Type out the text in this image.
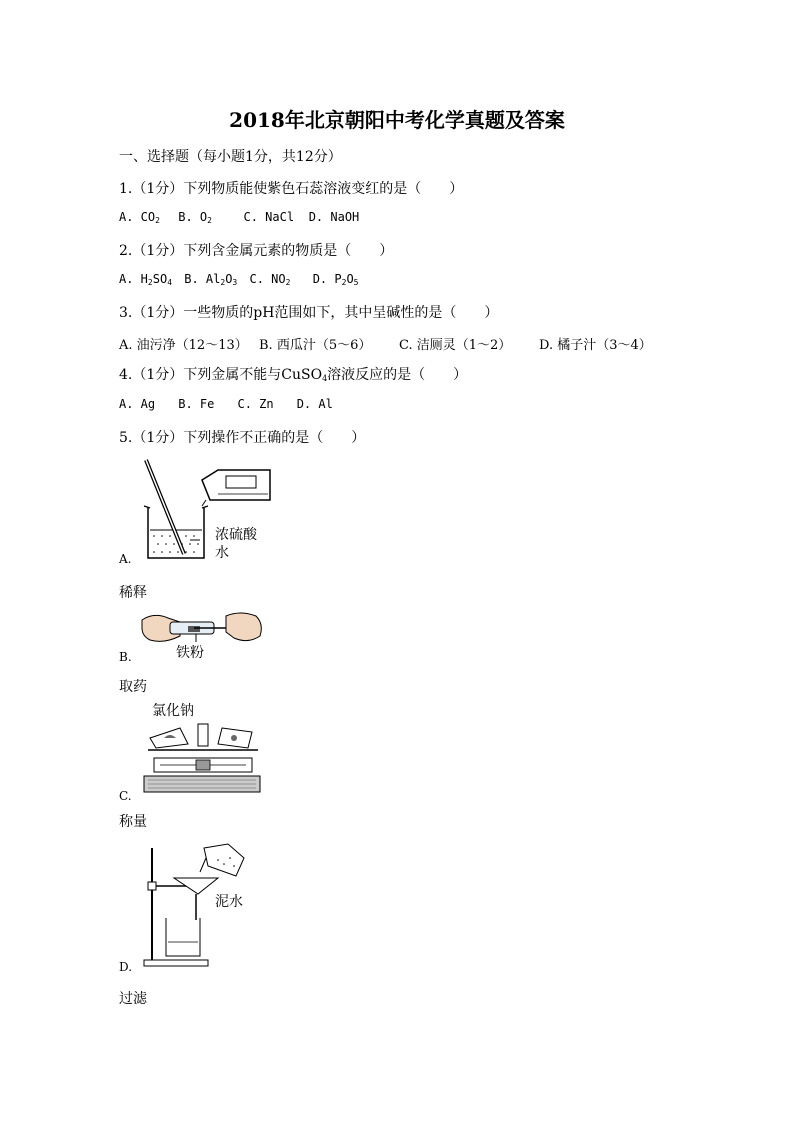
2018年北京朝阳中考化学真题及答案
一、选择题（每小题1分，共12分）
1.（1分）下列物质能使紫色石蕊溶液变红的是（　　）
A. $CO_2$ B. $O_2$	C. NaCl D. NaOH
2.（1分）下列含金属元素的物质是（　　）
A. $H_2SO_4$ B. $Al_2O_3$ C. $NO_2$ D. $P_2O_5$
3.（1分）一些物质的pH范围如下，其中呈碱性的是（　　）
A. 油污净（12～13） B. 西瓜汁（5～6） C. 洁厕灵（1～2） D. 橘子汁（3～4）
4.（1分）下列金属不能与CuSO$_4$溶液反应的是（　　）
A. Ag B. Fe C. Zn D. Al
5.（1分）下列操作不正确的是（　　）
浓硫酸
水
A.
稀释
铁粉
B.
取药
氯化钠
C.
称量
泥水
D.
过滤
